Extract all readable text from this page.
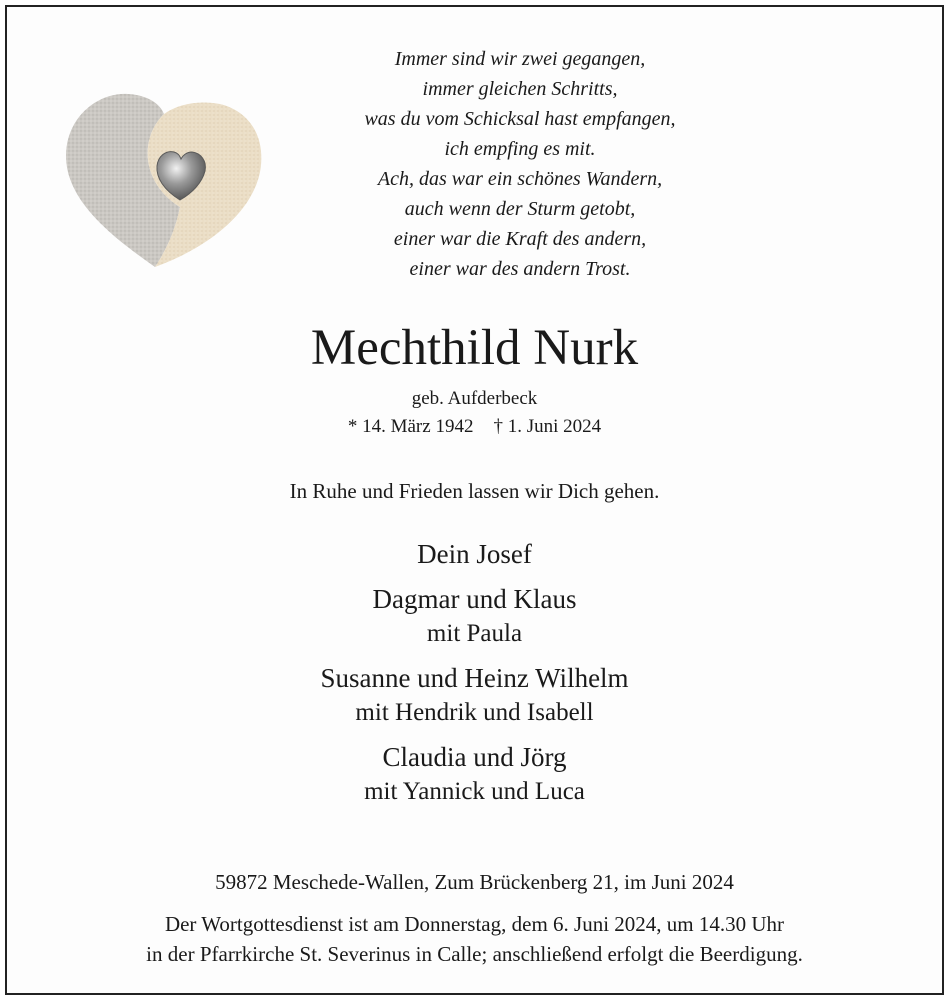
Immer sind wir zwei gegangen,
immer gleichen Schritts,
was du vom Schicksal hast empfangen,
ich empfing es mit.
Ach, das war ein schönes Wandern,
auch wenn der Sturm getobt,
einer war die Kraft des andern,
einer war des andern Trost.
Mechthild Nurk
geb. Aufderbeck
* 14. März 1942 † 1. Juni 2024
In Ruhe und Frieden lassen wir Dich gehen.
Dein Josef
Dagmar und Klaus
mit Paula
Susanne und Heinz Wilhelm
mit Hendrik und Isabell
Claudia und Jörg
mit Yannick und Luca
59872 Meschede-Wallen, Zum Brückenberg 21, im Juni 2024
Der Wortgottesdienst ist am Donnerstag, dem 6. Juni 2024, um 14.30 Uhr
in der Pfarrkirche St. Severinus in Calle; anschließend erfolgt die Beerdigung.
